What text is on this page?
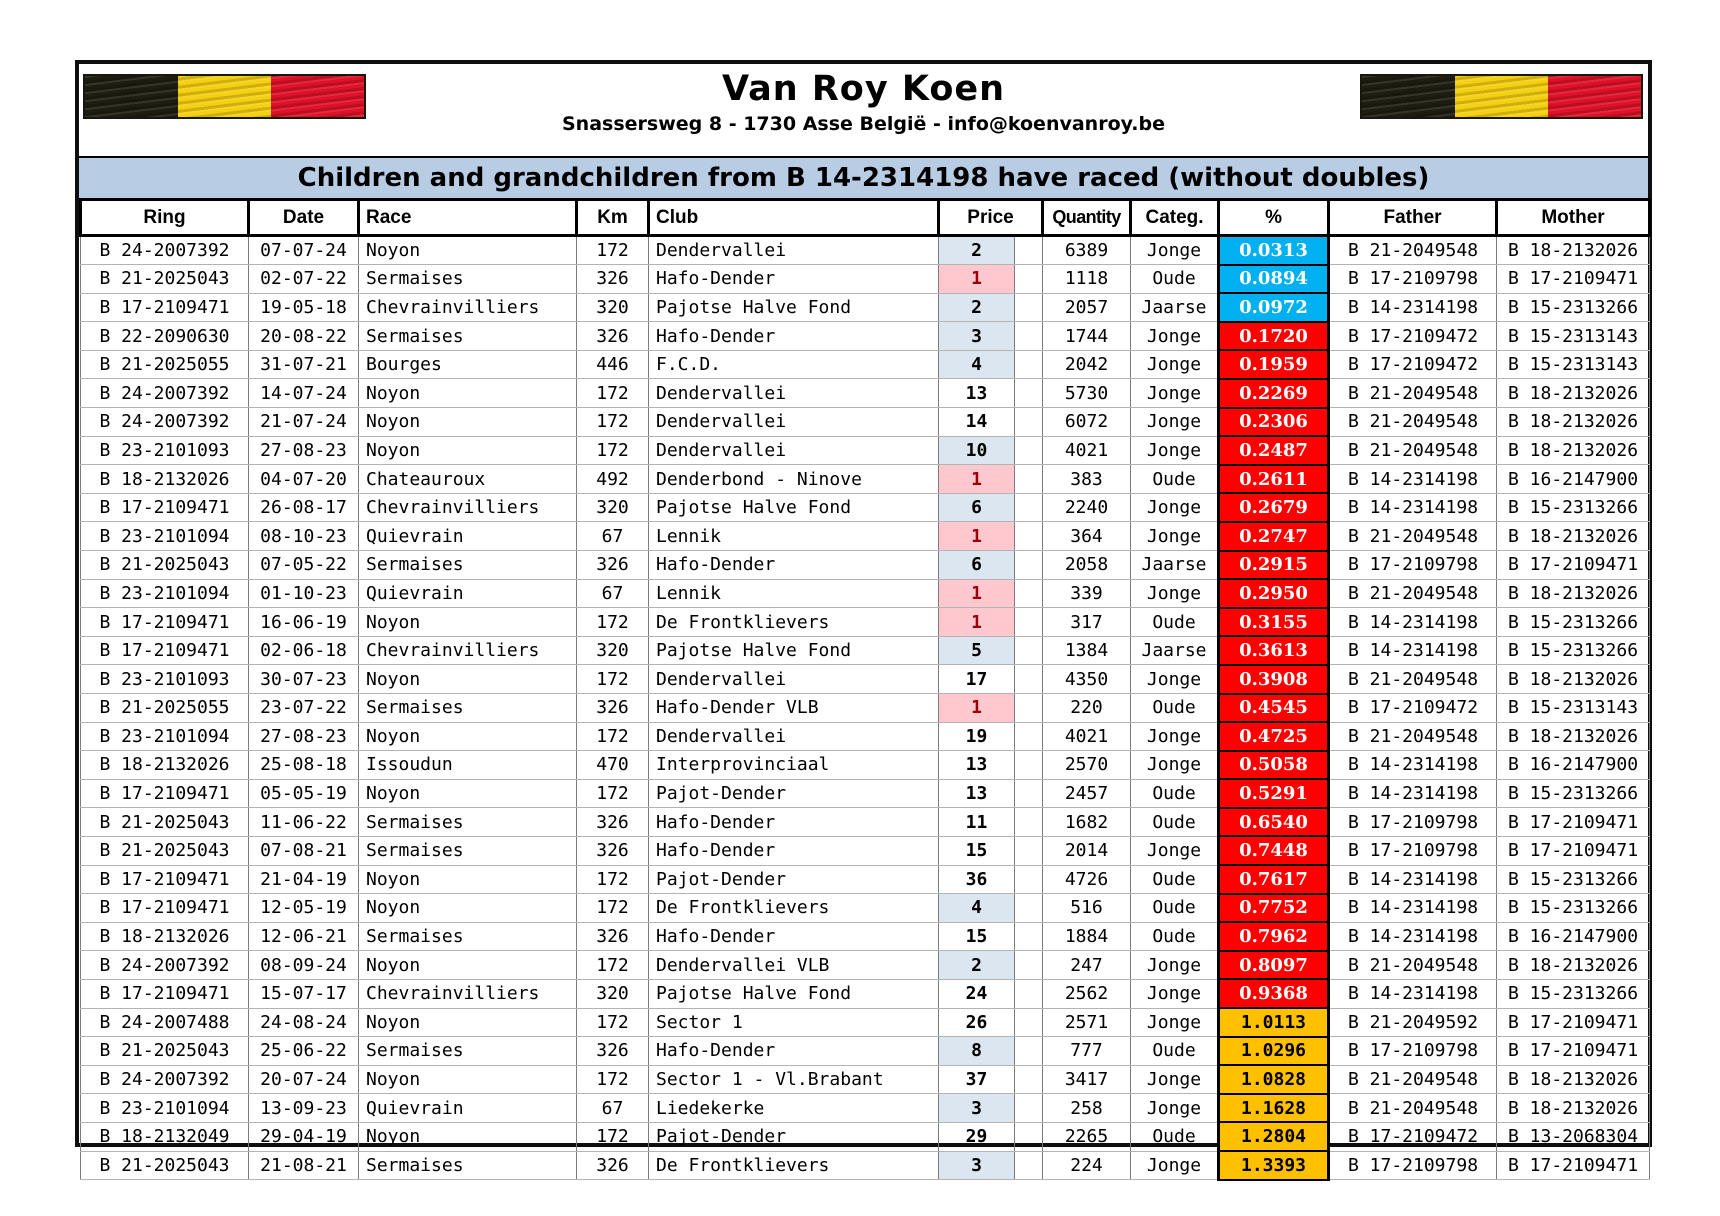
Van Roy Koen
Snassersweg 8 - 1730 Asse België - info@koenvanroy.be
Children and grandchildren from B 14-2314198 have raced (without doubles)
Ring	Date	Race	Km	Club	Price		Quantity	Categ.	%	Father	Mother
B 24-2007392	07-07-24	Noyon	172	Dendervallei	2		6389	Jonge	0.0313	B 21-2049548	B 18-2132026
B 21-2025043	02-07-22	Sermaises	326	Hafo-Dender	1		1118	Oude	0.0894	B 17-2109798	B 17-2109471
B 17-2109471	19-05-18	Chevrainvilliers	320	Pajotse Halve Fond	2		2057	Jaarse	0.0972	B 14-2314198	B 15-2313266
B 22-2090630	20-08-22	Sermaises	326	Hafo-Dender	3		1744	Jonge	0.1720	B 17-2109472	B 15-2313143
B 21-2025055	31-07-21	Bourges	446	F.C.D.	4		2042	Jonge	0.1959	B 17-2109472	B 15-2313143
B 24-2007392	14-07-24	Noyon	172	Dendervallei	13		5730	Jonge	0.2269	B 21-2049548	B 18-2132026
B 24-2007392	21-07-24	Noyon	172	Dendervallei	14		6072	Jonge	0.2306	B 21-2049548	B 18-2132026
B 23-2101093	27-08-23	Noyon	172	Dendervallei	10		4021	Jonge	0.2487	B 21-2049548	B 18-2132026
B 18-2132026	04-07-20	Chateauroux	492	Denderbond - Ninove	1		383	Oude	0.2611	B 14-2314198	B 16-2147900
B 17-2109471	26-08-17	Chevrainvilliers	320	Pajotse Halve Fond	6		2240	Jonge	0.2679	B 14-2314198	B 15-2313266
B 23-2101094	08-10-23	Quievrain	67	Lennik	1		364	Jonge	0.2747	B 21-2049548	B 18-2132026
B 21-2025043	07-05-22	Sermaises	326	Hafo-Dender	6		2058	Jaarse	0.2915	B 17-2109798	B 17-2109471
B 23-2101094	01-10-23	Quievrain	67	Lennik	1		339	Jonge	0.2950	B 21-2049548	B 18-2132026
B 17-2109471	16-06-19	Noyon	172	De Frontklievers	1		317	Oude	0.3155	B 14-2314198	B 15-2313266
B 17-2109471	02-06-18	Chevrainvilliers	320	Pajotse Halve Fond	5		1384	Jaarse	0.3613	B 14-2314198	B 15-2313266
B 23-2101093	30-07-23	Noyon	172	Dendervallei	17		4350	Jonge	0.3908	B 21-2049548	B 18-2132026
B 21-2025055	23-07-22	Sermaises	326	Hafo-Dender VLB	1		220	Oude	0.4545	B 17-2109472	B 15-2313143
B 23-2101094	27-08-23	Noyon	172	Dendervallei	19		4021	Jonge	0.4725	B 21-2049548	B 18-2132026
B 18-2132026	25-08-18	Issoudun	470	Interprovinciaal	13		2570	Jonge	0.5058	B 14-2314198	B 16-2147900
B 17-2109471	05-05-19	Noyon	172	Pajot-Dender	13		2457	Oude	0.5291	B 14-2314198	B 15-2313266
B 21-2025043	11-06-22	Sermaises	326	Hafo-Dender	11		1682	Oude	0.6540	B 17-2109798	B 17-2109471
B 21-2025043	07-08-21	Sermaises	326	Hafo-Dender	15		2014	Jonge	0.7448	B 17-2109798	B 17-2109471
B 17-2109471	21-04-19	Noyon	172	Pajot-Dender	36		4726	Oude	0.7617	B 14-2314198	B 15-2313266
B 17-2109471	12-05-19	Noyon	172	De Frontklievers	4		516	Oude	0.7752	B 14-2314198	B 15-2313266
B 18-2132026	12-06-21	Sermaises	326	Hafo-Dender	15		1884	Oude	0.7962	B 14-2314198	B 16-2147900
B 24-2007392	08-09-24	Noyon	172	Dendervallei VLB	2		247	Jonge	0.8097	B 21-2049548	B 18-2132026
B 17-2109471	15-07-17	Chevrainvilliers	320	Pajotse Halve Fond	24		2562	Jonge	0.9368	B 14-2314198	B 15-2313266
B 24-2007488	24-08-24	Noyon	172	Sector 1	26		2571	Jonge	1.0113	B 21-2049592	B 17-2109471
B 21-2025043	25-06-22	Sermaises	326	Hafo-Dender	8		777	Oude	1.0296	B 17-2109798	B 17-2109471
B 24-2007392	20-07-24	Noyon	172	Sector 1 - Vl.Brabant	37		3417	Jonge	1.0828	B 21-2049548	B 18-2132026
B 23-2101094	13-09-23	Quievrain	67	Liedekerke	3		258	Jonge	1.1628	B 21-2049548	B 18-2132026
B 18-2132049	29-04-19	Noyon	172	Pajot-Dender	29		2265	Oude	1.2804	B 17-2109472	B 13-2068304
B 21-2025043	21-08-21	Sermaises	326	De Frontklievers	3		224	Jonge	1.3393	B 17-2109798	B 17-2109471
